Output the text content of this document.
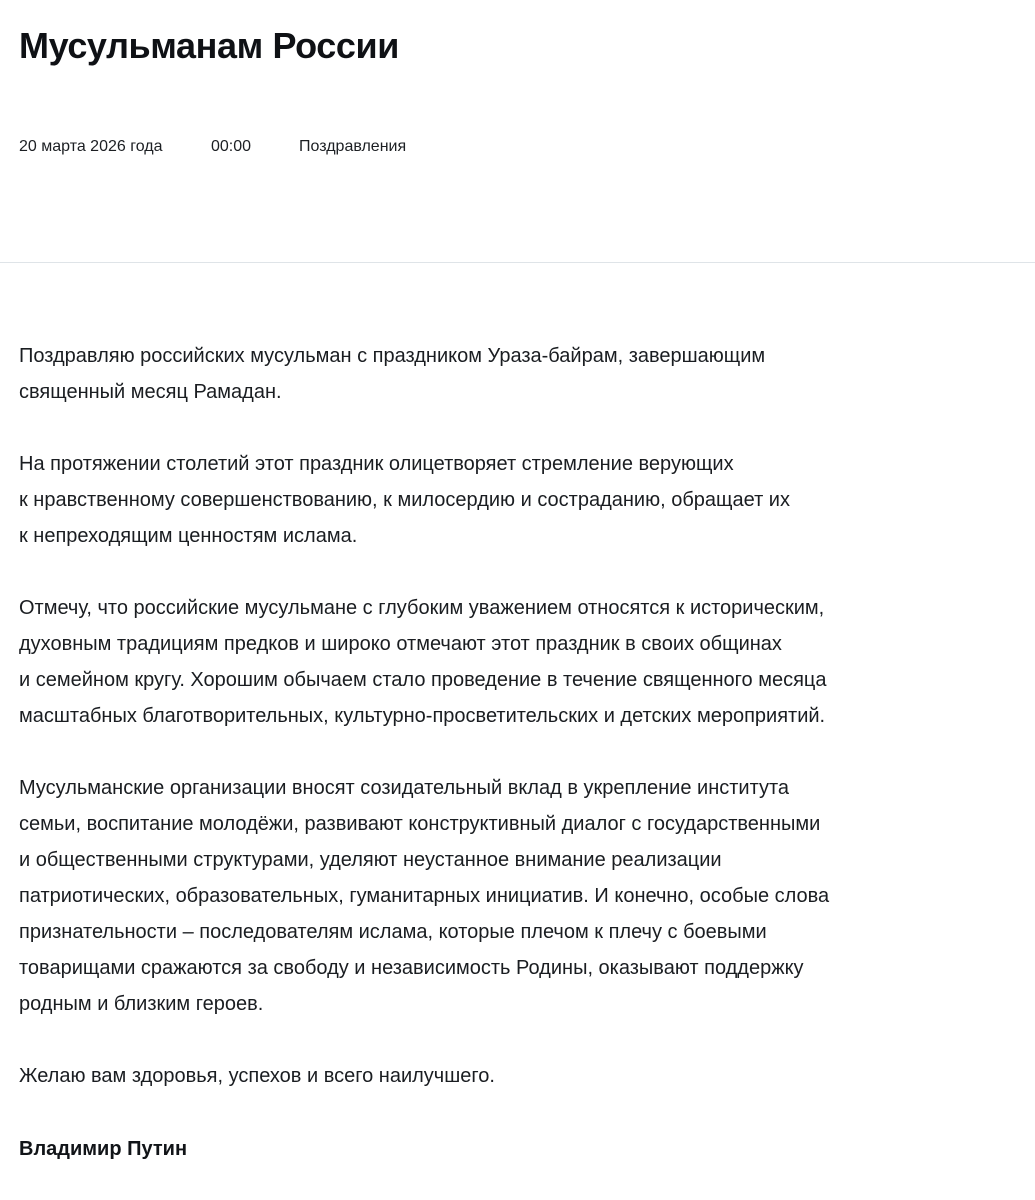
Мусульманам России
20 марта 2026 года	00:00	Поздравления

Поздравляю российских мусульман с праздником Ураза-байрам, завершающим
священный месяц Рамадан.

На протяжении столетий этот праздник олицетворяет стремление верующих
к нравственному совершенствованию, к милосердию и состраданию, обращает их
к непреходящим ценностям ислама.

Отмечу, что российские мусульмане с глубоким уважением относятся к историческим,
духовным традициям предков и широко отмечают этот праздник в своих общинах
и семейном кругу. Хорошим обычаем стало проведение в течение священного месяца
масштабных благотворительных, культурно-просветительских и детских мероприятий.

Мусульманские организации вносят созидательный вклад в укрепление института
семьи, воспитание молодёжи, развивают конструктивный диалог с государственными
и общественными структурами, уделяют неустанное внимание реализации
патриотических, образовательных, гуманитарных инициатив. И конечно, особые слова
признательности – последователям ислама, которые плечом к плечу с боевыми
товарищами сражаются за свободу и независимость Родины, оказывают поддержку
родным и близким героев.

Желаю вам здоровья, успехов и всего наилучшего.

Владимир Путин
